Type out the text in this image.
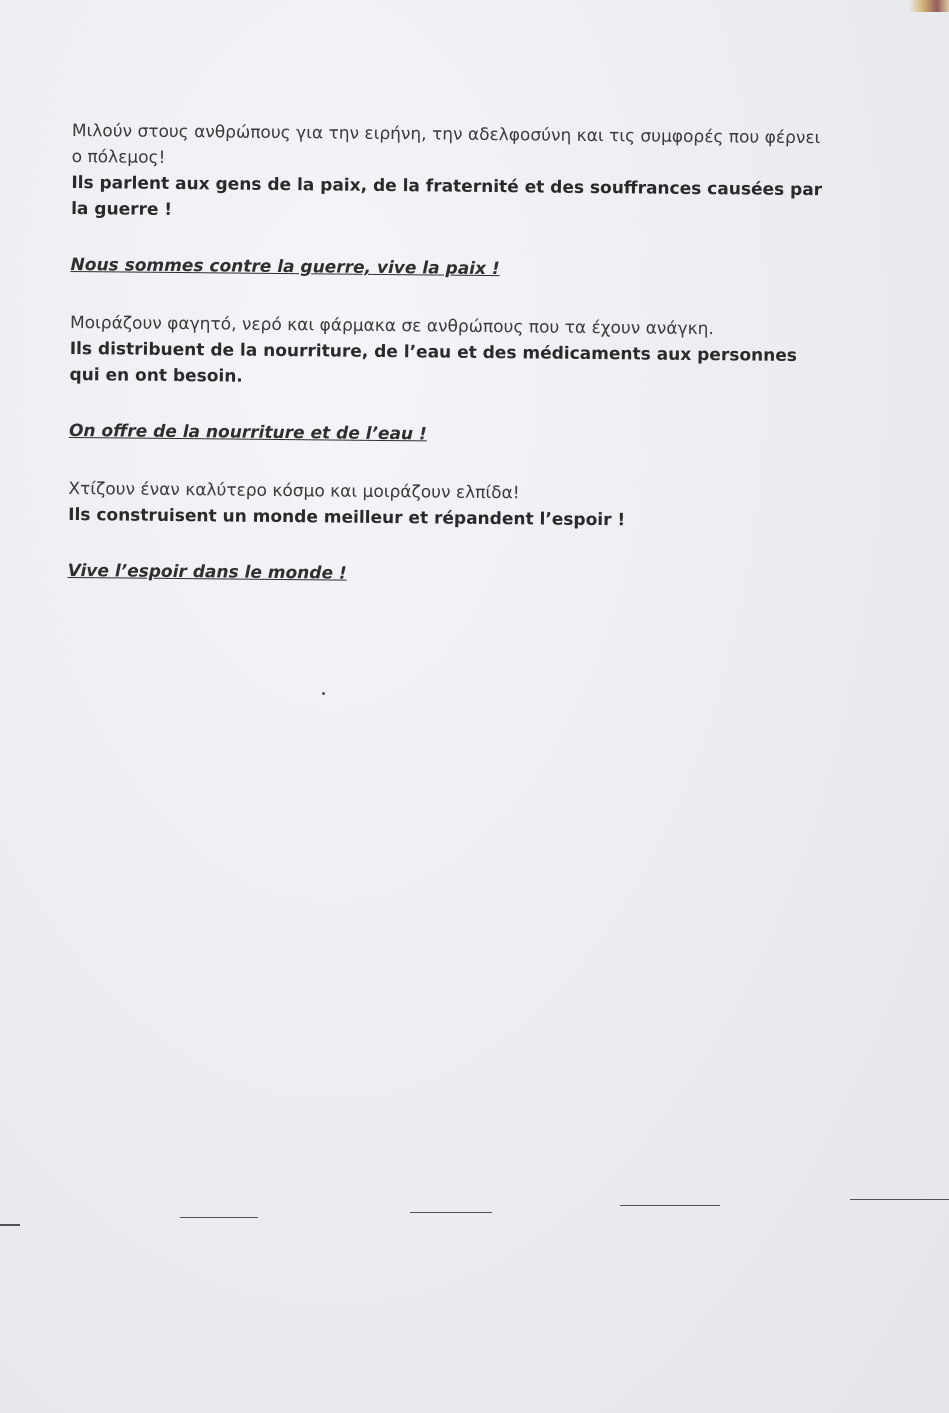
Μιλούν στους ανθρώπους για την ειρήνη, την αδελφοσύνη και τις συμφορές που φέρνει ο πόλεμος!

Ils parlent aux gens de la paix, de la fraternité et des souffrances causées par la guerre !

Nous sommes contre la guerre, vive la paix !

Μοιράζουν φαγητό, νερό και φάρμακα σε ανθρώπους που τα έχουν ανάγκη.

Ils distribuent de la nourriture, de l’eau et des médicaments aux personnes qui en ont besoin.

On offre de la nourriture et de l’eau !

Χτίζουν έναν καλύτερο κόσμο και μοιράζουν ελπίδα!

Ils construisent un monde meilleur et répandent l’espoir !

Vive l’espoir dans le monde !
